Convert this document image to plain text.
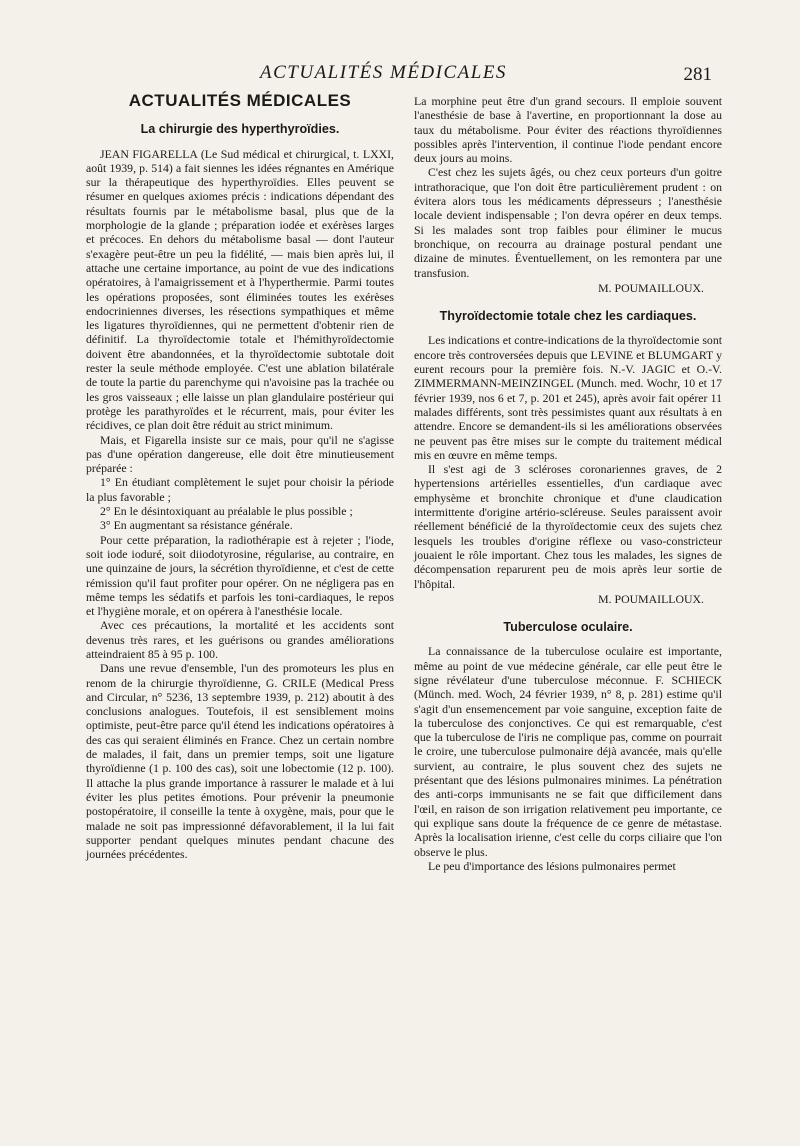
ACTUALITÉS MÉDICALES	281
ACTUALITÉS MÉDICALES
La chirurgie des hyperthyroïdies.

JEAN FIGARELLA (Le Sud médical et chirurgical, t. LXXI, août 1939, p. 514) a fait siennes les idées régnantes en Amérique sur la thérapeutique des hyperthyroïdies. Elles peuvent se résumer en quelques axiomes précis : indications dépendant des résultats fournis par le métabolisme basal, plus que de la morphologie de la glande ; préparation iodée et exérèses larges et précoces. En dehors du métabolisme basal — dont l'auteur s'exagère peut-être un peu la fidélité, — mais bien après lui, il attache une certaine importance, au point de vue des indications opératoires, à l'amaigrissement et à l'hyperthermie. Parmi toutes les opérations proposées, sont éliminées toutes les exérèses endocriniennes diverses, les résections sympathiques et même les ligatures thyroïdiennes, qui ne permettent d'obtenir rien de définitif. La thyroïdectomie totale et l'hémithyroïdectomie doivent être abandonnées, et la thyroïdectomie subtotale doit rester la seule méthode employée. C'est une ablation bilatérale de toute la partie du parenchyme qui n'avoisine pas la trachée ou les gros vaisseaux ; elle laisse un plan glandulaire postérieur qui protège les parathyroïdes et le récurrent, mais, pour éviter les récidives, ce plan doit être réduit au strict minimum.

Mais, et Figarella insiste sur ce mais, pour qu'il ne s'agisse pas d'une opération dangereuse, elle doit être minutieusement préparée :

1° En étudiant complètement le sujet pour choisir la période la plus favorable ;

2° En le désintoxiquant au préalable le plus possible ;

3° En augmentant sa résistance générale.

Pour cette préparation, la radiothérapie est à rejeter ; l'iode, soit iode ioduré, soit diiodotyrosine, régularise, au contraire, en une quinzaine de jours, la sécrétion thyroïdienne, et c'est de cette rémission qu'il faut profiter pour opérer. On ne négligera pas en même temps les sédatifs et parfois les toni-cardiaques, le repos et l'hygiène morale, et on opérera à l'anesthésie locale.

Avec ces précautions, la mortalité et les accidents sont devenus très rares, et les guérisons ou grandes améliorations atteindraient 85 à 95 p. 100.

Dans une revue d'ensemble, l'un des promoteurs les plus en renom de la chirurgie thyroïdienne, G. CRILE (Medical Press and Circular, n° 5236, 13 septembre 1939, p. 212) aboutit à des conclusions analogues. Toutefois, il est sensiblement moins optimiste, peut-être parce qu'il étend les indications opératoires à des cas qui seraient éliminés en France. Chez un certain nombre de malades, il fait, dans un premier temps, soit une ligature thyroïdienne (1 p. 100 des cas), soit une lobectomie (12 p. 100). Il attache la plus grande importance à rassurer le malade et à lui éviter les plus petites émotions. Pour prévenir la pneumonie postopératoire, il conseille la tente à oxygène, mais, pour que le malade ne soit pas impressionné défavorablement, il la lui fait supporter pendant quelques minutes pendant chacune des journées précédentes.

La morphine peut être d'un grand secours. Il emploie souvent l'anesthésie de base à l'avertine, en proportionnant la dose au taux du métabolisme. Pour éviter des réactions thyroïdiennes possibles après l'intervention, il continue l'iode pendant encore deux jours au moins.

C'est chez les sujets âgés, ou chez ceux porteurs d'un goitre intrathoracique, que l'on doit être particulièrement prudent : on évitera alors tous les médicaments dépresseurs ; l'anesthésie locale devient indispensable ; l'on devra opérer en deux temps. Si les malades sont trop faibles pour éliminer le mucus bronchique, on recourra au drainage postural pendant une dizaine de minutes. Éventuellement, on les remontera par une transfusion.

M. POUMAILLOUX.

Thyroïdectomie totale chez les cardiaques.

Les indications et contre-indications de la thyroïdectomie sont encore très controversées depuis que LEVINE et BLUMGART y eurent recours pour la première fois. N.-V. JAGIC et O.-V. ZIMMERMANN-MEINZINGEL (Munch. med. Wochr, 10 et 17 février 1939, nos 6 et 7, p. 201 et 245), après avoir fait opérer 11 malades différents, sont très pessimistes quant aux résultats à en attendre. Encore se demandent-ils si les améliorations observées ne peuvent pas être mises sur le compte du traitement médical mis en œuvre en même temps.

Il s'est agi de 3 scléroses coronariennes graves, de 2 hypertensions artérielles essentielles, d'un cardiaque avec emphysème et bronchite chronique et d'une claudication intermittente d'origine artério-scléreuse. Seules paraissent avoir réellement bénéficié de la thyroïdectomie ceux des sujets chez lesquels les troubles d'origine réflexe ou vaso-constricteur jouaient le rôle important. Chez tous les malades, les signes de décompensation reparurent peu de mois après leur sortie de l'hôpital.

M. POUMAILLOUX.

Tuberculose oculaire.

La connaissance de la tuberculose oculaire est importante, même au point de vue médecine générale, car elle peut être le signe révélateur d'une tuberculose méconnue. F. SCHIECK (Münch. med. Woch, 24 février 1939, n° 8, p. 281) estime qu'il s'agit d'un ensemencement par voie sanguine, exception faite de la tuberculose des conjonctives. Ce qui est remarquable, c'est que la tuberculose de l'iris ne complique pas, comme on pourrait le croire, une tuberculose pulmonaire déjà avancée, mais qu'elle survient, au contraire, le plus souvent chez des sujets ne présentant que des lésions pulmonaires minimes. La pénétration des anti-corps immunisants ne se fait que difficilement dans l'œil, en raison de son irrigation relativement peu importante, ce qui explique sans doute la fréquence de ce genre de métastase. Après la localisation irienne, c'est celle du corps ciliaire que l'on observe le plus.

Le peu d'importance des lésions pulmonaires permet
